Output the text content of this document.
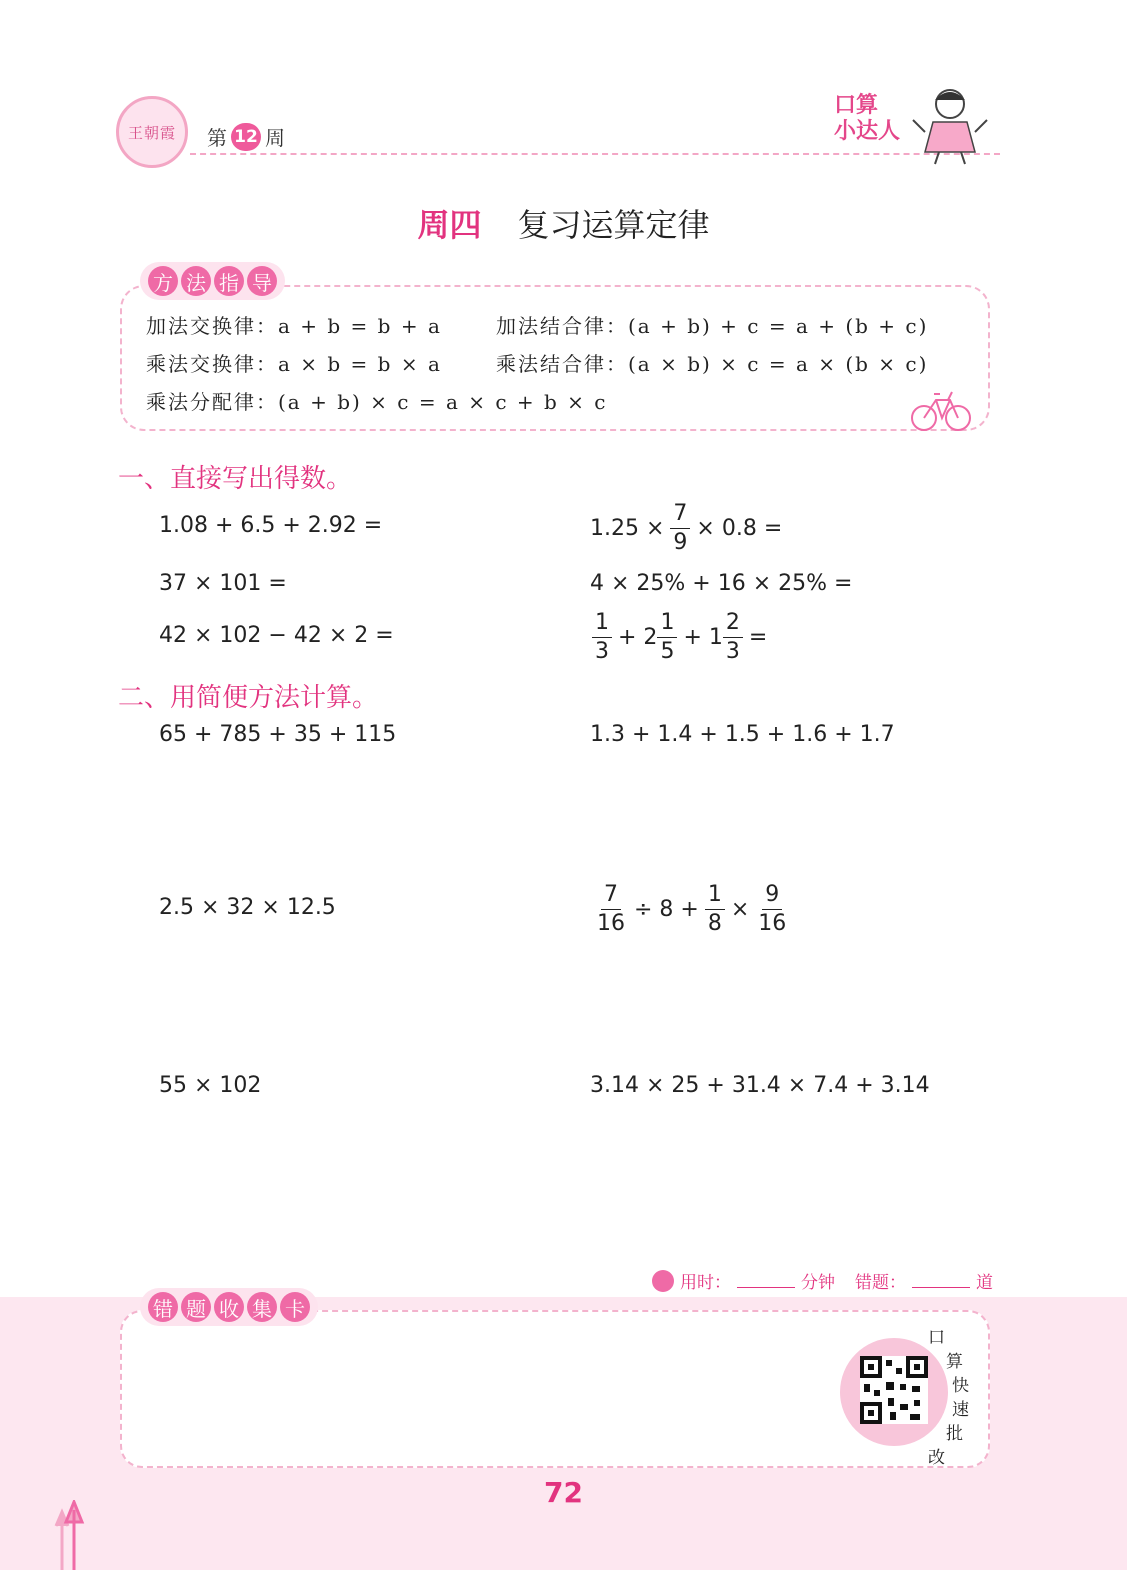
王朝霞 第 12 周
口算
小达人
周四 复习运算定律
方 法 指 导
加法交换律：a + b = b + a	加法结合律：(a + b) + c = a + (b + c)
乘法交换律：a × b = b × a	乘法结合律：(a × b) × c = a × (b × c)
乘法分配律：(a + b) × c = a × c + b × c
一、直接写出得数。
1.08 + 6.5 + 2.92 =	$1.25 \times \frac{7}{9} \times 0.8$ =
37 × 101 =	4 × 25% + 16 × 25% =
42 × 102 − 42 × 2 =	$\frac{1}{3} + 2 \frac{1}{5} + 1 \frac{2}{3}$ =
二、用简便方法计算。
65 + 785 + 35 + 115	1.3 + 1.4 + 1.5 + 1.6 + 1.7
2.5 × 32 × 12.5	$\frac{7}{16} \div 8 + \frac{1}{8} \times \frac{9}{16}$
55 × 102	3.14 × 25 + 31.4 × 7.4 + 3.14
用时：	分钟 错题：	道
错 题 收 集 卡
口
算
快
速
批
改
72
